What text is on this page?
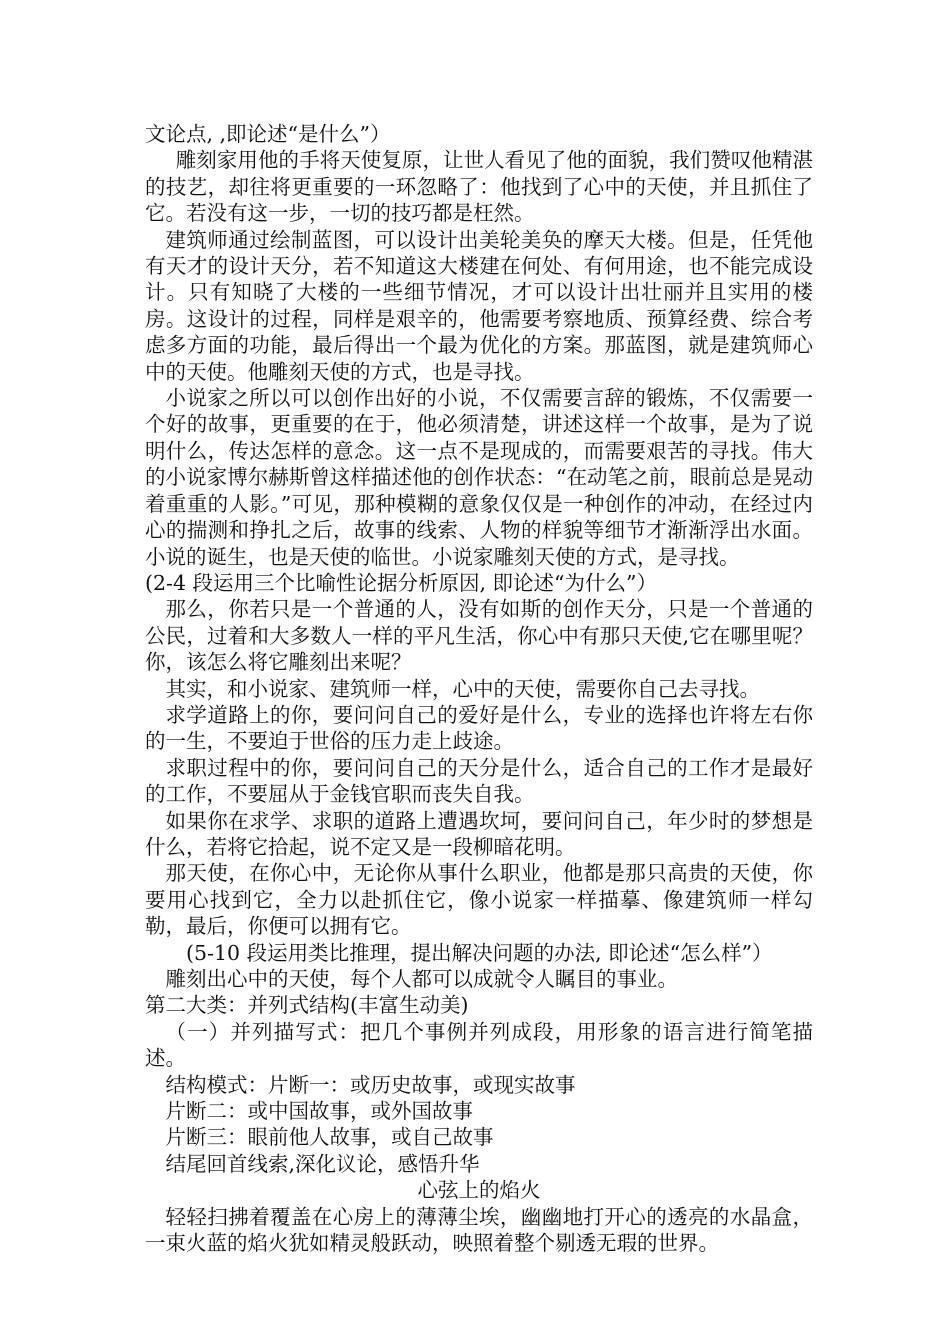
文论点, ,即论述“是什么”）

雕刻家用他的手将天使复原，让世人看见了他的面貌，我们赞叹他精湛的技艺，却往将更重要的一环忽略了：他找到了心中的天使，并且抓住了它。若没有这一步，一切的技巧都是枉然。

建筑师通过绘制蓝图，可以设计出美轮美奂的摩天大楼。但是，任凭他有天才的设计天分，若不知道这大楼建在何处、有何用途，也不能完成设计。只有知晓了大楼的一些细节情况，才可以设计出壮丽并且实用的楼房。这设计的过程，同样是艰辛的，他需要考察地质、预算经费、综合考虑多方面的功能，最后得出一个最为优化的方案。那蓝图，就是建筑师心中的天使。他雕刻天使的方式，也是寻找。

小说家之所以可以创作出好的小说，不仅需要言辞的锻炼，不仅需要一个好的故事，更重要的在于，他必须清楚，讲述这样一个故事，是为了说明什么，传达怎样的意念。这一点不是现成的，而需要艰苦的寻找。伟大的小说家博尔赫斯曾这样描述他的创作状态：“在动笔之前，眼前总是晃动着重重的人影。”可见，那种模糊的意象仅仅是一种创作的冲动，在经过内心的揣测和挣扎之后，故事的线索、人物的样貌等细节才渐渐浮出水面。小说的诞生，也是天使的临世。小说家雕刻天使的方式，是寻找。

(2-4 段运用三个比喻性论据分析原因, 即论述“为什么”）

那么，你若只是一个普通的人，没有如斯的创作天分，只是一个普通的公民，过着和大多数人一样的平凡生活，你心中有那只天使,它在哪里呢？你，该怎么将它雕刻出来呢？

其实，和小说家、建筑师一样，心中的天使，需要你自己去寻找。

求学道路上的你，要问问自己的爱好是什么，专业的选择也许将左右你的一生，不要迫于世俗的压力走上歧途。

求职过程中的你，要问问自己的天分是什么，适合自己的工作才是最好的工作，不要屈从于金钱官职而丧失自我。

如果你在求学、求职的道路上遭遇坎坷，要问问自己，年少时的梦想是什么，若将它拾起，说不定又是一段柳暗花明。

那天使，在你心中，无论你从事什么职业，他都是那只高贵的天使，你要用心找到它，全力以赴抓住它，像小说家一样描摹、像建筑师一样勾勒，最后，你便可以拥有它。

(5-10 段运用类比推理，提出解决问题的办法, 即论述“怎么样”）

雕刻出心中的天使，每个人都可以成就令人瞩目的事业。

第二大类：并列式结构(丰富生动美)

（一）并列描写式：把几个事例并列成段，用形象的语言进行简笔描述。

结构模式：片断一：或历史故事，或现实故事

片断二：或中国故事，或外国故事

片断三：眼前他人故事，或自己故事

结尾回首线索,深化议论，感悟升华

心弦上的焰火

轻轻扫拂着覆盖在心房上的薄薄尘埃，幽幽地打开心的透亮的水晶盒，一束火蓝的焰火犹如精灵般跃动，映照着整个剔透无瑕的世界。
